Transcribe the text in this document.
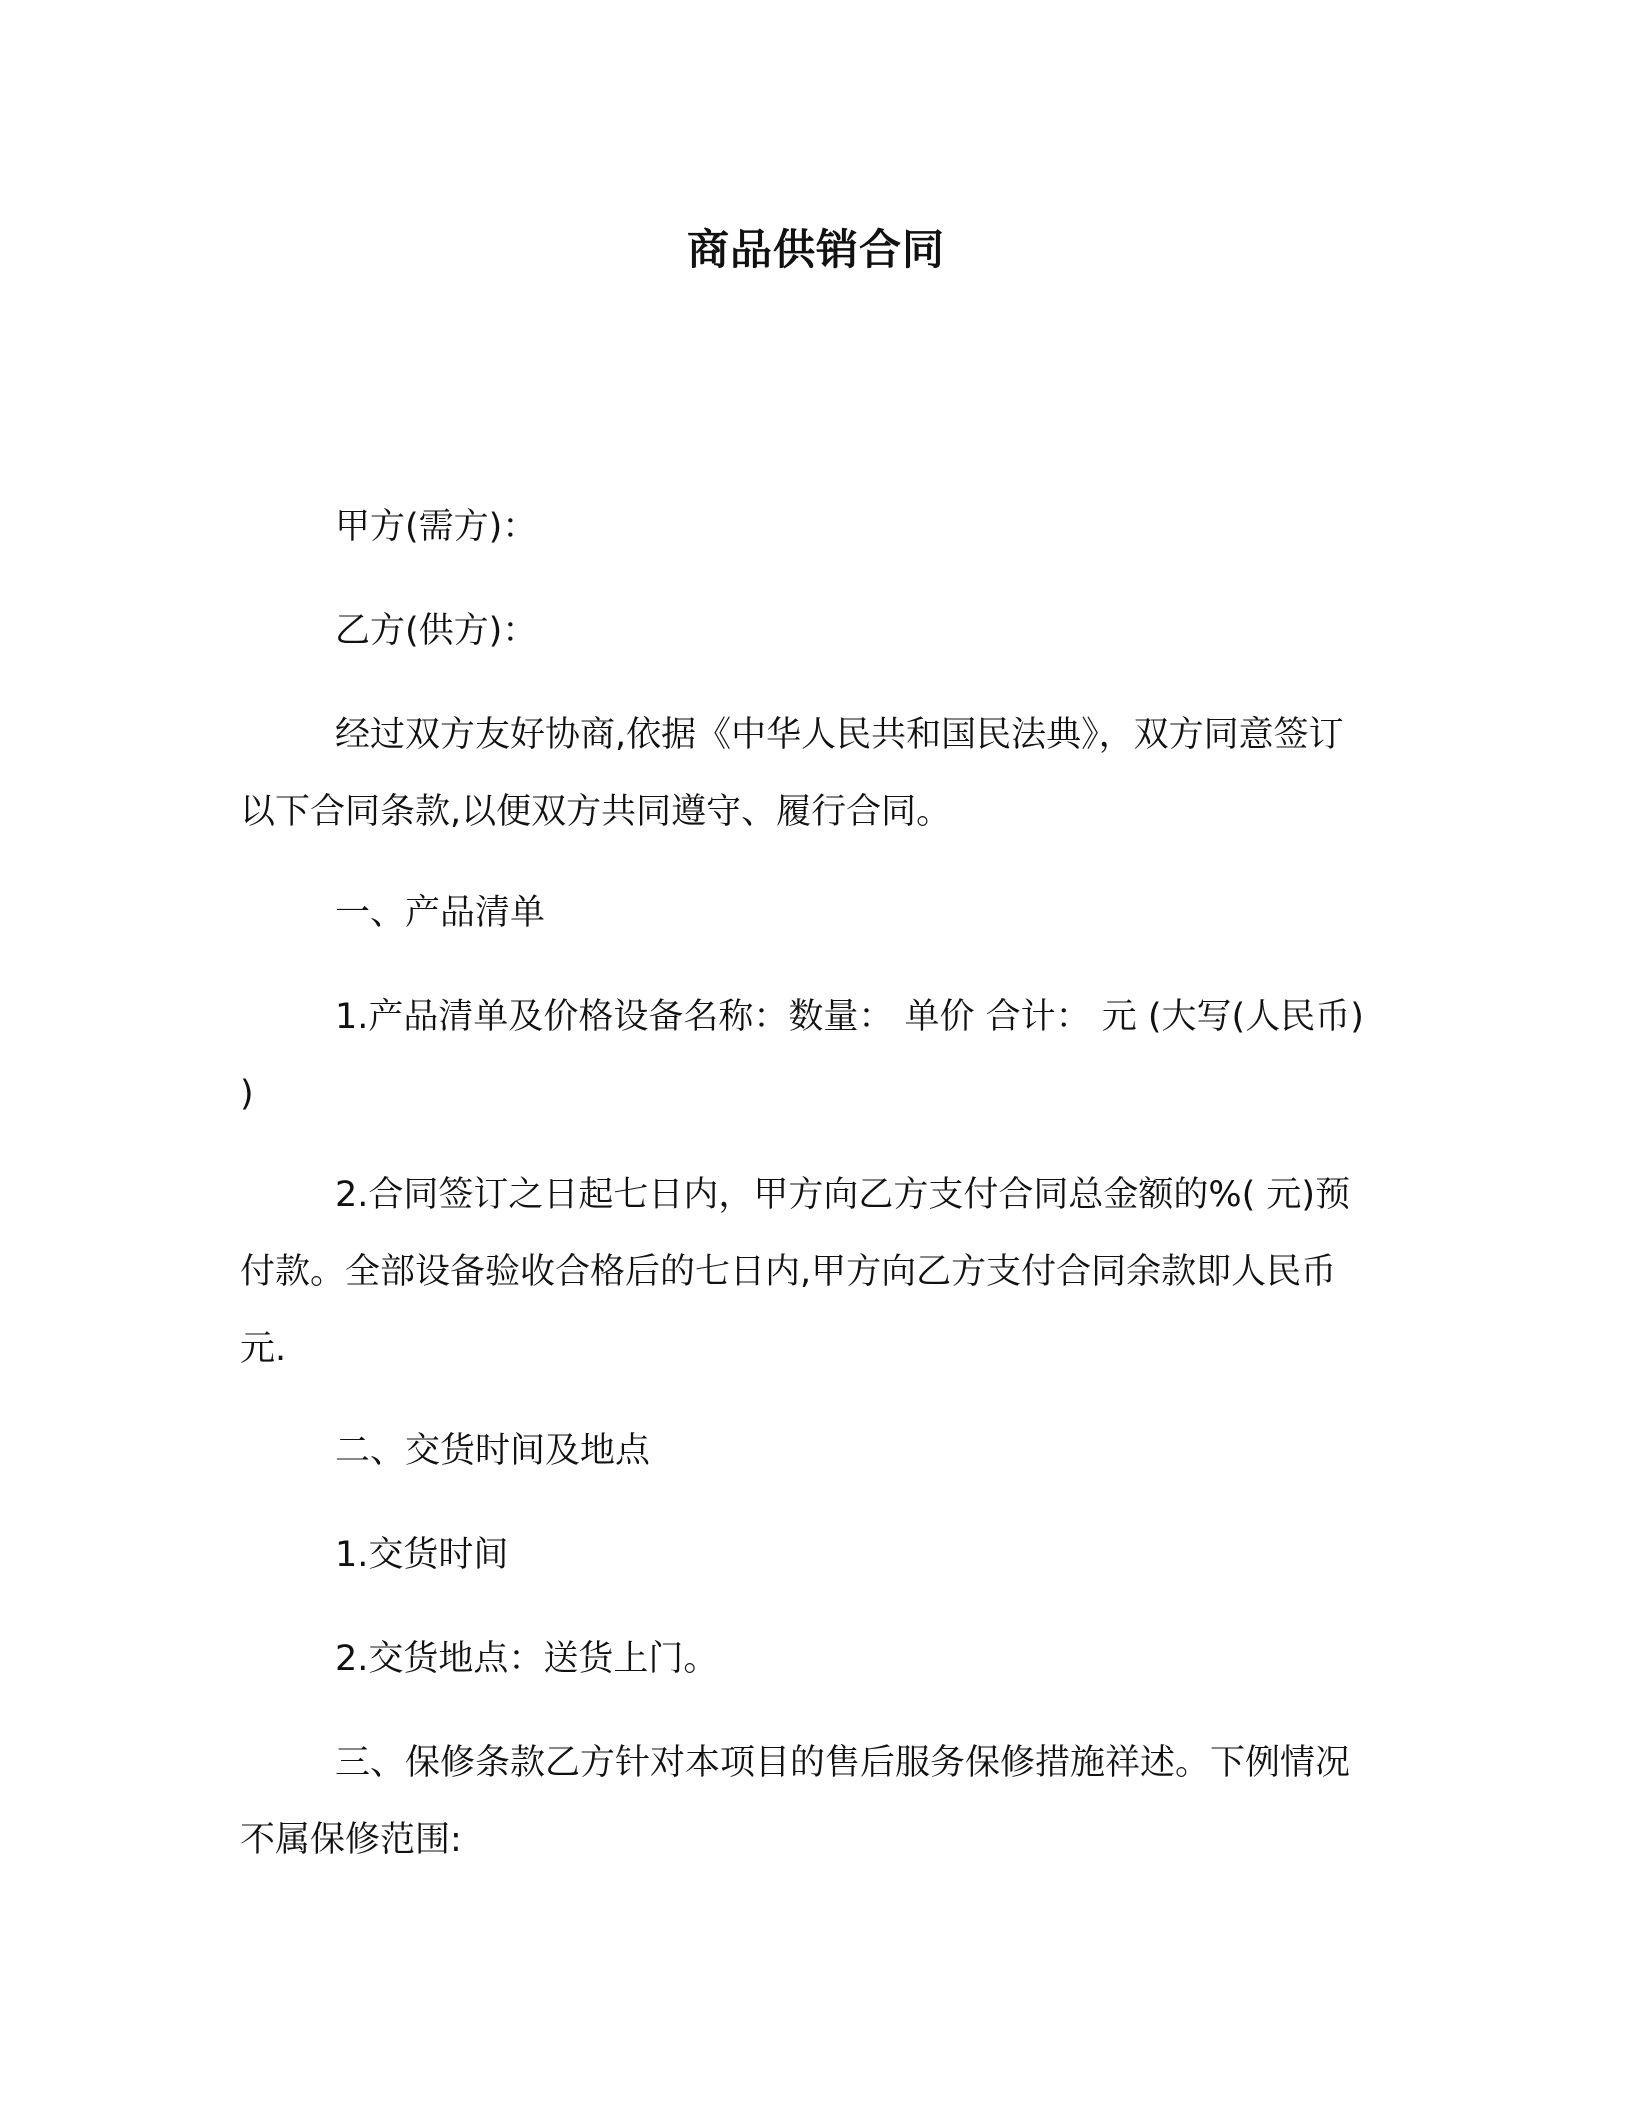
商品供销合同

甲方(需方)：

乙方(供方)：

经过双方友好协商,依据《中华人民共和国民法典》，双方同意签订以下合同条款,以便双方共同遵守、履行合同。

一、产品清单

1.产品清单及价格设备名称：数量： 单价 合计： 元 (大写(人民币) )

2.合同签订之日起七日内，甲方向乙方支付合同总金额的%( 元)预付款。全部设备验收合格后的七日内,甲方向乙方支付合同余款即人民币 元.

二、交货时间及地点

1.交货时间

2.交货地点：送货上门。

三、保修条款乙方针对本项目的售后服务保修措施祥述。下例情况不属保修范围:
